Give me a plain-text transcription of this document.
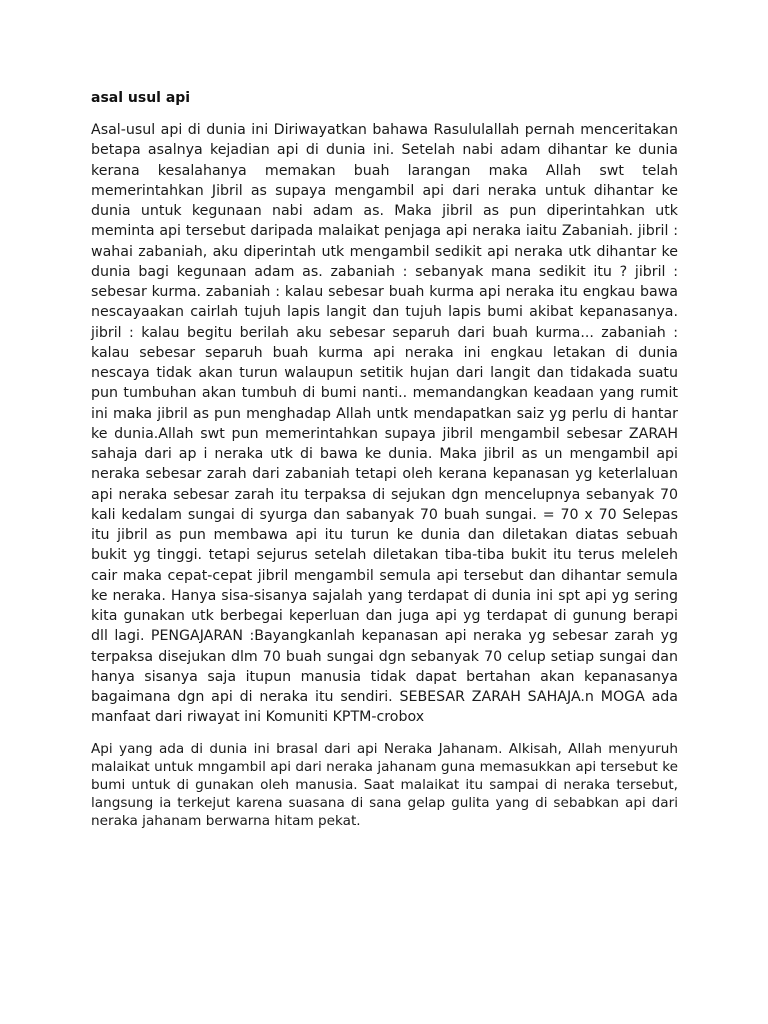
asal usul api

Asal-usul api di dunia ini Diriwayatkan bahawa Rasululallah pernah menceritakan betapa asalnya kejadian api di dunia ini. Setelah nabi adam dihantar ke dunia kerana kesalahanya memakan buah larangan maka Allah swt telah memerintahkan Jibril as supaya mengambil api dari neraka untuk dihantar ke dunia untuk kegunaan nabi adam as. Maka jibril as pun diperintahkan utk meminta api tersebut daripada malaikat penjaga api neraka iaitu Zabaniah. jibril : wahai zabaniah, aku diperintah utk mengambil sedikit api neraka utk dihantar ke dunia bagi kegunaan adam as. zabaniah : sebanyak mana sedikit itu ? jibril : sebesar kurma. zabaniah : kalau sebesar buah kurma api neraka itu engkau bawa nescayaakan cairlah tujuh lapis langit dan tujuh lapis bumi akibat kepanasanya. jibril : kalau begitu berilah aku sebesar separuh dari buah kurma... zabaniah : kalau sebesar separuh buah kurma api neraka ini engkau letakan di dunia nescaya tidak akan turun walaupun setitik hujan dari langit dan tidakada suatu pun tumbuhan akan tumbuh di bumi nanti.. memandangkan keadaan yang rumit ini maka jibril as pun menghadap Allah untk mendapatkan saiz yg perlu di hantar ke dunia.Allah swt pun memerintahkan supaya jibril mengambil sebesar ZARAH sahaja dari ap i neraka utk di bawa ke dunia. Maka jibril as un mengambil api neraka sebesar zarah dari zabaniah tetapi oleh kerana kepanasan yg keterlaluan api neraka sebesar zarah itu terpaksa di sejukan dgn mencelupnya sebanyak 70 kali kedalam sungai di syurga dan sabanyak 70 buah sungai. = 70 x 70 Selepas itu jibril as pun membawa api itu turun ke dunia dan diletakan diatas sebuah bukit yg tinggi. tetapi sejurus setelah diletakan tiba-tiba bukit itu terus meleleh cair maka cepat-cepat jibril mengambil semula api tersebut dan dihantar semula ke neraka. Hanya sisa-sisanya sajalah yang terdapat di dunia ini spt api yg sering kita gunakan utk berbegai keperluan dan juga api yg terdapat di gunung berapi dll lagi. PENGAJARAN :Bayangkanlah kepanasan api neraka yg sebesar zarah yg terpaksa disejukan dlm 70 buah sungai dgn sebanyak 70 celup setiap sungai dan hanya sisanya saja itupun manusia tidak dapat bertahan akan kepanasanya bagaimana dgn api di neraka itu sendiri. SEBESAR ZARAH SAHAJA.n MOGA ada manfaat dari riwayat ini Komuniti KPTM-crobox

Api yang ada di dunia ini brasal dari api Neraka Jahanam. Alkisah, Allah menyuruh malaikat untuk mngambil api dari neraka jahanam guna memasukkan api tersebut ke bumi untuk di gunakan oleh manusia. Saat malaikat itu sampai di neraka tersebut, langsung ia terkejut karena suasana di sana gelap gulita yang di sebabkan api dari neraka jahanam berwarna hitam pekat.
